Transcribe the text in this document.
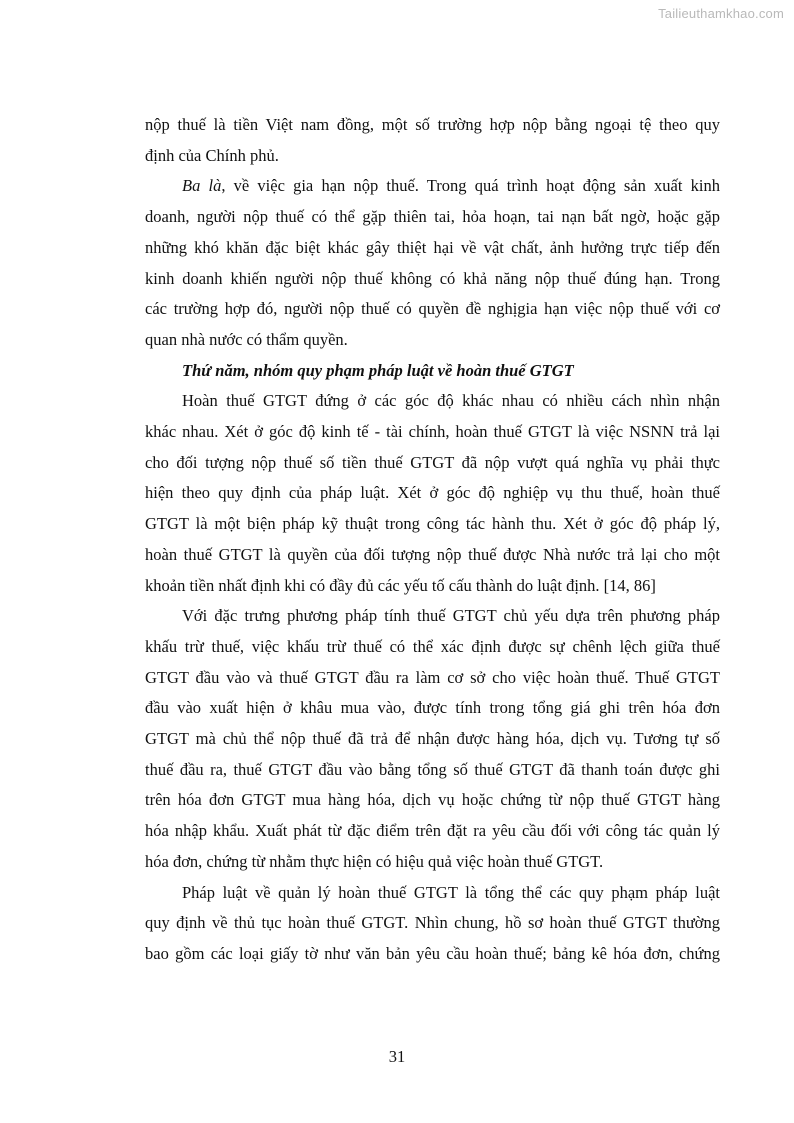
Tailieuthamkhao.com

nộp thuế là tiền Việt nam đồng, một số trường hợp nộp bằng ngoại tệ theo quy
định của Chính phủ.

Ba là, về việc gia hạn nộp thuế. Trong quá trình hoạt động sản xuất kinh
doanh, người nộp thuế có thể gặp thiên tai, hỏa hoạn, tai nạn bất ngờ, hoặc gặp
những khó khăn đặc biệt khác gây thiệt hại về vật chất, ảnh hưởng trực tiếp đến
kinh doanh khiến người nộp thuế không có khả năng nộp thuế đúng hạn. Trong
các trường hợp đó, người nộp thuế có quyền đề nghịgia hạn việc nộp thuế với cơ
quan nhà nước có thẩm quyền.

Thứ năm, nhóm quy phạm pháp luật về hoàn thuế GTGT

Hoàn thuế GTGT đứng ở các góc độ khác nhau có nhiều cách nhìn nhận
khác nhau. Xét ở góc độ kinh tế - tài chính, hoàn thuế GTGT là việc NSNN trả lại
cho đối tượng nộp thuế số tiền thuế GTGT đã nộp vượt quá nghĩa vụ phải thực
hiện theo quy định của pháp luật. Xét ở góc độ nghiệp vụ thu thuế, hoàn thuế
GTGT là một biện pháp kỹ thuật trong công tác hành thu. Xét ở góc độ pháp lý,
hoàn thuế GTGT là quyền của đối tượng nộp thuế được Nhà nước trả lại cho một
khoản tiền nhất định khi có đầy đủ các yếu tố cấu thành do luật định. [14, 86]

Với đặc trưng phương pháp tính thuế GTGT chủ yếu dựa trên phương pháp
khấu trừ thuế, việc khấu trừ thuế có thể xác định được sự chênh lệch giữa thuế
GTGT đầu vào và thuế GTGT đầu ra làm cơ sở cho việc hoàn thuế. Thuế GTGT
đầu vào xuất hiện ở khâu mua vào, được tính trong tổng giá ghi trên hóa đơn
GTGT mà chủ thể nộp thuế đã trả để nhận được hàng hóa, dịch vụ. Tương tự số
thuế đầu ra, thuế GTGT đầu vào bằng tổng số thuế GTGT đã thanh toán được ghi
trên hóa đơn GTGT mua hàng hóa, dịch vụ hoặc chứng từ nộp thuế GTGT hàng
hóa nhập khẩu. Xuất phát từ đặc điểm trên đặt ra yêu cầu đối với công tác quản lý
hóa đơn, chứng từ nhằm thực hiện có hiệu quả việc hoàn thuế GTGT.

Pháp luật về quản lý hoàn thuế GTGT là tổng thể các quy phạm pháp luật
quy định về thủ tục hoàn thuế GTGT. Nhìn chung, hồ sơ hoàn thuế GTGT thường
bao gồm các loại giấy tờ như văn bản yêu cầu hoàn thuế; bảng kê hóa đơn, chứng

31
